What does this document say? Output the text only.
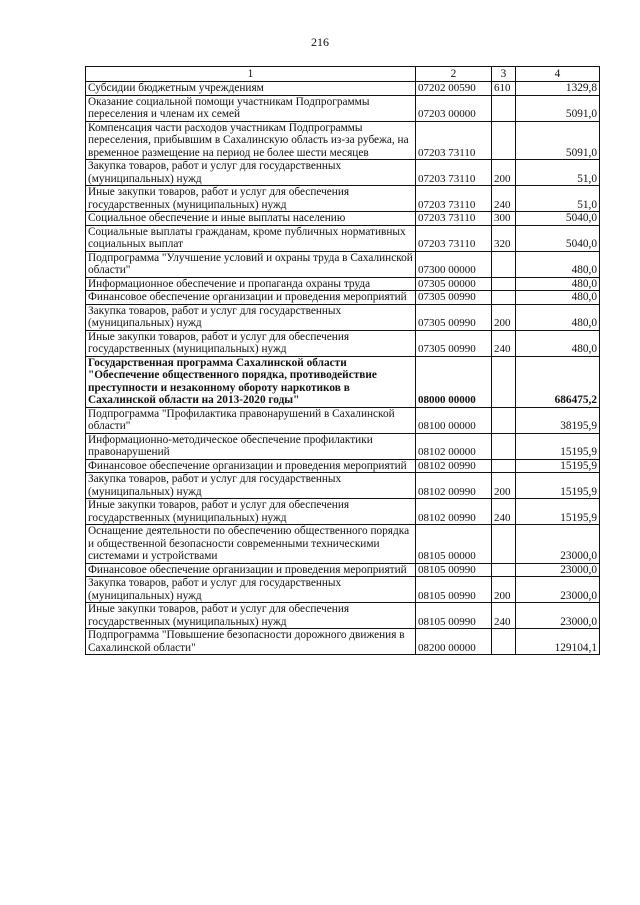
216
1	2	3	4
Субсидии бюджетным учреждениям	07202 00590	610	1329,8
Оказание социальной помощи участникам Подпрограммы переселения и членам их семей	07203 00000		5091,0
Компенсация части расходов участникам Подпрограммы переселения, прибывшим в Сахалинскую область из-за рубежа, на временное размещение на период не более шести месяцев	07203 73110		5091,0
Закупка товаров, работ и услуг для государственных (муниципальных) нужд	07203 73110	200	51,0
Иные закупки товаров, работ и услуг для обеспечения государственных (муниципальных) нужд	07203 73110	240	51,0
Социальное обеспечение и иные выплаты населению	07203 73110	300	5040,0
Социальные выплаты гражданам, кроме публичных нормативных социальных выплат	07203 73110	320	5040,0
Подпрограмма "Улучшение условий и охраны труда в Сахалинской области"	07300 00000		480,0
Информационное обеспечение и пропаганда охраны труда	07305 00000		480,0
Финансовое обеспечение организации и проведения мероприятий	07305 00990		480,0
Закупка товаров, работ и услуг для государственных (муниципальных) нужд	07305 00990	200	480,0
Иные закупки товаров, работ и услуг для обеспечения государственных (муниципальных) нужд	07305 00990	240	480,0
Государственная программа Сахалинской области "Обеспечение общественного порядка, противодействие преступности и незаконному обороту наркотиков в Сахалинской области на 2013-2020 годы"	08000 00000		686475,2
Подпрограмма "Профилактика правонарушений в Сахалинской области"	08100 00000		38195,9
Информационно-методическое обеспечение профилактики правонарушений	08102 00000		15195,9
Финансовое обеспечение организации и проведения мероприятий	08102 00990		15195,9
Закупка товаров, работ и услуг для государственных (муниципальных) нужд	08102 00990	200	15195,9
Иные закупки товаров, работ и услуг для обеспечения государственных (муниципальных) нужд	08102 00990	240	15195,9
Оснащение деятельности по обеспечению общественного порядка и общественной безопасности современными техническими системами и устройствами	08105 00000		23000,0
Финансовое обеспечение организации и проведения мероприятий	08105 00990		23000,0
Закупка товаров, работ и услуг для государственных (муниципальных) нужд	08105 00990	200	23000,0
Иные закупки товаров, работ и услуг для обеспечения государственных (муниципальных) нужд	08105 00990	240	23000,0
Подпрограмма "Повышение безопасности дорожного движения в Сахалинской области"	08200 00000		129104,1
